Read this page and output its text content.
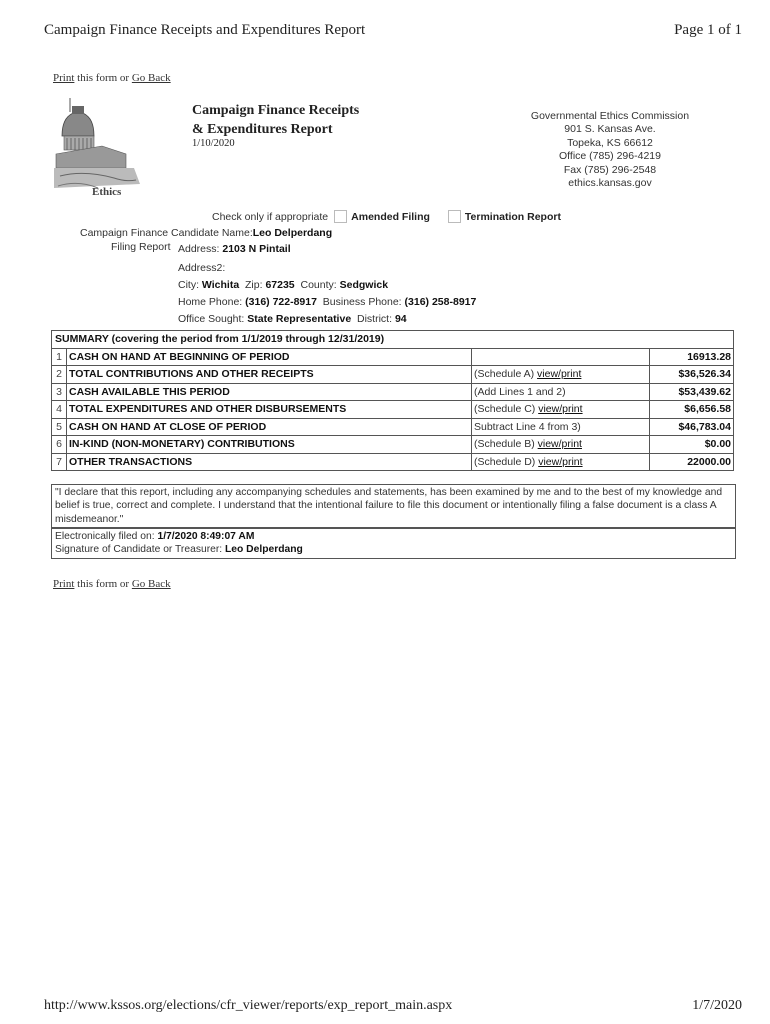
Campaign Finance Receipts and Expenditures Report	Page 1 of 1
Print this form or Go Back
Ethics
Campaign Finance Receipts
& Expenditures Report
1/10/2020
Governmental Ethics Commission
901 S. Kansas Ave.
Topeka, KS 66612
Office (785) 296-4219
Fax (785) 296-2548
ethics.kansas.gov
Check only if appropriate Amended Filing	Termination Report
Campaign Finance Candidate Name:Leo Delperdang
Filing Report Address: 2103 N Pintail
Address2:
City: Wichita Zip: 67235 County: Sedgwick
Home Phone: (316) 722-8917 Business Phone: (316) 258-8917
Office Sought: State Representative District: 94
SUMMARY (covering the period from 1/1/2019 through 12/31/2019)			
1	CASH ON HAND AT BEGINNING OF PERIOD		16913.28
2	TOTAL CONTRIBUTIONS AND OTHER RECEIPTS	(Schedule A) view/print	$36,526.34
3	CASH AVAILABLE THIS PERIOD	(Add Lines 1 and 2)	$53,439.62
4	TOTAL EXPENDITURES AND OTHER DISBURSEMENTS	(Schedule C) view/print	$6,656.58
5	CASH ON HAND AT CLOSE OF PERIOD	Subtract Line 4 from 3)	$46,783.04
6	IN-KIND (NON-MONETARY) CONTRIBUTIONS	(Schedule B) view/print	$0.00
7	OTHER TRANSACTIONS	(Schedule D) view/print	22000.00
"I declare that this report, including any accompanying schedules and statements, has been examined by me and to the best of my knowledge and belief is true, correct and complete. I understand that the intentional failure to file this document or intentionally filing a false document is a class A misdemeanor."
Electronically filed on: 1/7/2020 8:49:07 AM
Signature of Candidate or Treasurer: Leo Delperdang
Print this form or Go Back
http://www.kssos.org/elections/cfr_viewer/reports/exp_report_main.aspx	1/7/2020
